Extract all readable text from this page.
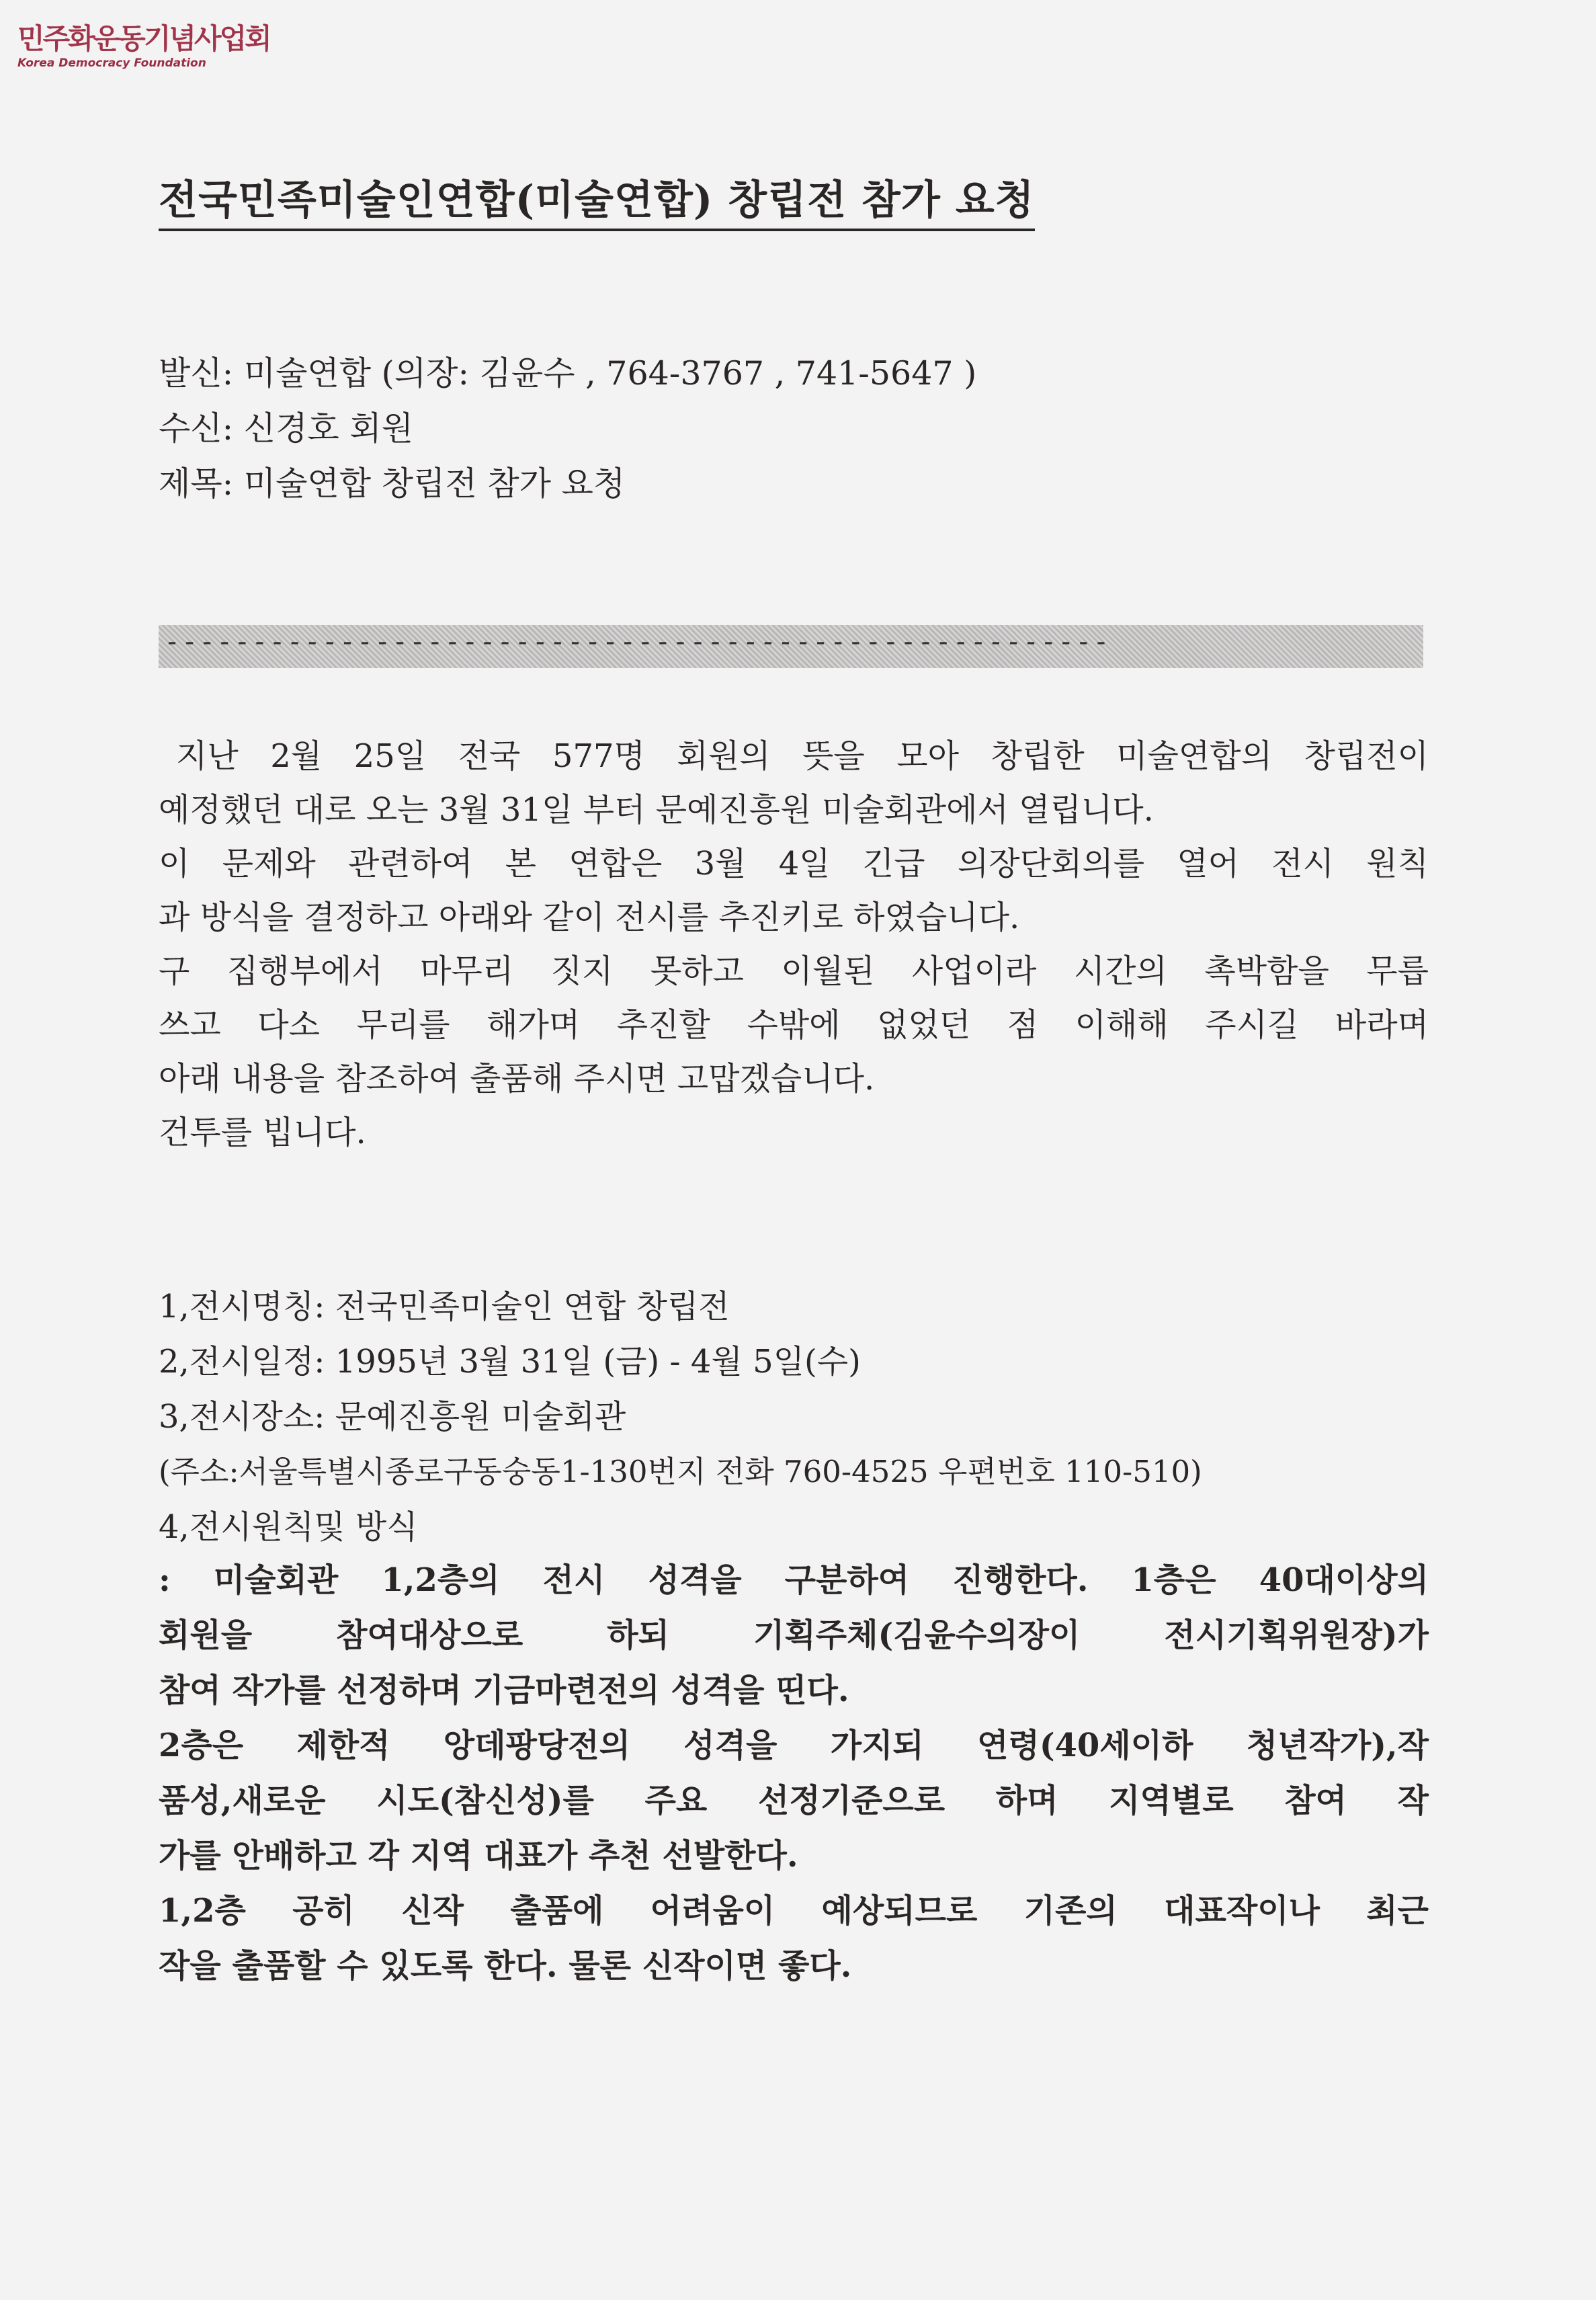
민주화운동기념사업회
Korea Democracy Foundation
전국민족미술인연합(미술연합) 창립전 참가 요청
발신: 미술연합 (의장: 김윤수 , 764-3767 , 741-5647 )
수신: 신경호 회원
제목: 미술연합 창립전 참가 요청
------------------------------------------------------
지난 2월 25일 전국 577명 회원의 뜻을 모아 창립한 미술연합의 창립전이
예정했던 대로 오는 3월 31일 부터 문예진흥원 미술회관에서 열립니다.
이 문제와 관련하여 본 연합은 3월 4일 긴급 의장단회의를 열어 전시 원칙
과 방식을 결정하고 아래와 같이 전시를 추진키로 하였습니다.
구 집행부에서 마무리 짓지 못하고 이월된 사업이라 시간의 촉박함을 무릅
쓰고 다소 무리를 해가며 추진할 수밖에 없었던 점 이해해 주시길 바라며
아래 내용을 참조하여 출품해 주시면 고맙겠습니다.
건투를 빕니다.
1,전시명칭: 전국민족미술인 연합 창립전
2,전시일정: 1995년 3월 31일 (금) - 4월 5일(수)
3,전시장소: 문예진흥원 미술회관
(주소:서울특별시종로구동숭동1-130번지 전화 760-4525 우편번호 110-510)
4,전시원칙및 방식
: 미술회관 1,2층의 전시 성격을 구분하여 진행한다. 1층은 40대이상의
회원을 참여대상으로 하되 기획주체(김윤수의장이 전시기획위원장)가
참여 작가를 선정하며 기금마련전의 성격을 띤다.
2층은 제한적 앙데팡당전의 성격을 가지되 연령(40세이하 청년작가),작
품성,새로운 시도(참신성)를 주요 선정기준으로 하며 지역별로 참여 작
가를 안배하고 각 지역 대표가 추천 선발한다.
1,2층 공히 신작 출품에 어려움이 예상되므로 기존의 대표작이나 최근
작을 출품할 수 있도록 한다. 물론 신작이면 좋다.
